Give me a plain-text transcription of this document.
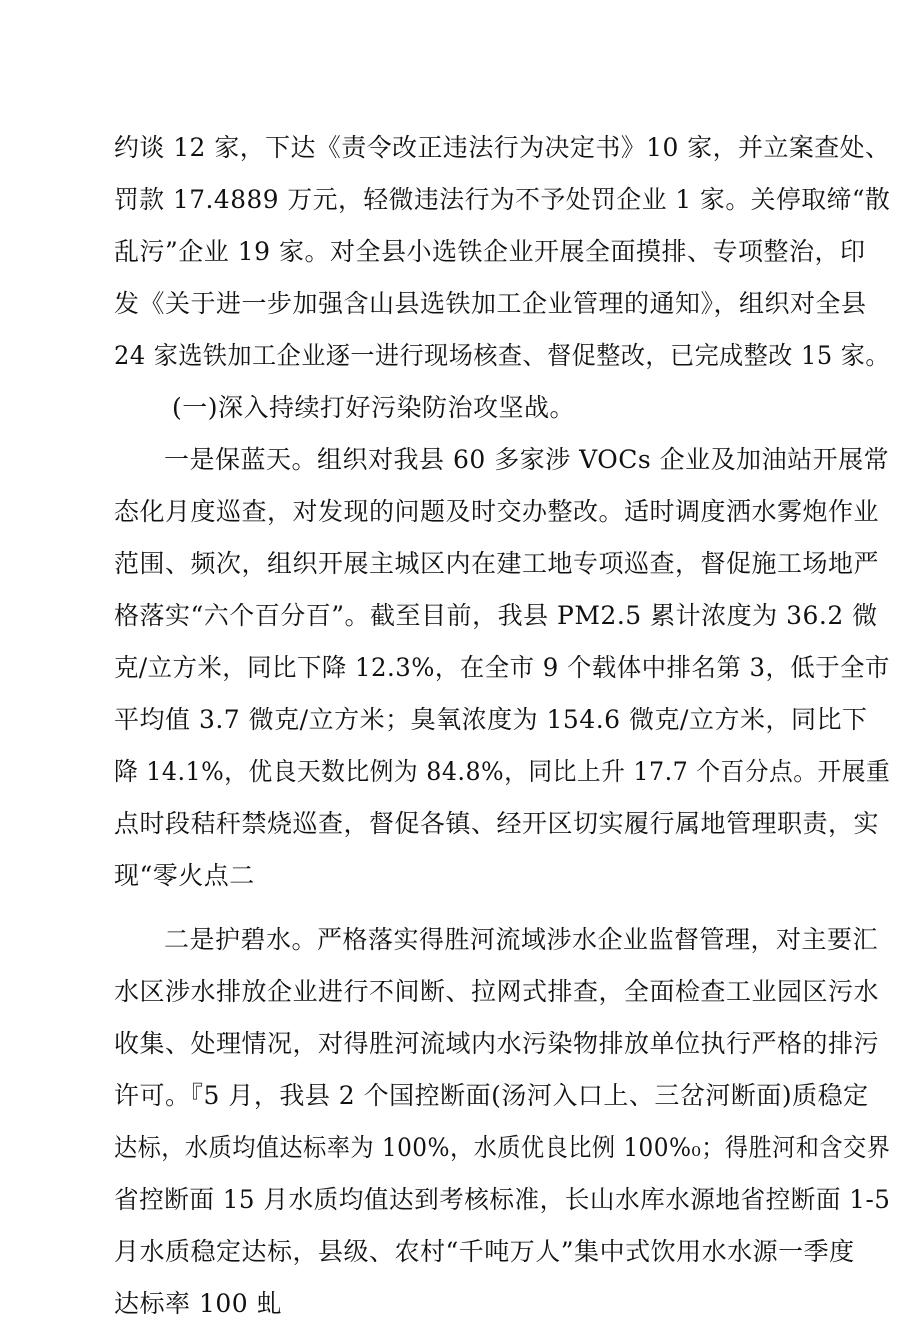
约谈 12 家，下达《责令改正违法行为决定书》10 家，并立案查处、
罚款 17.4889 万元，轻微违法行为不予处罚企业 1 家。关停取缔“散
乱污”企业 19 家。对全县小选铁企业开展全面摸排、专项整治，印
发《关于进一步加强含山县选铁加工企业管理的通知》，组织对全县
24 家选铁加工企业逐一进行现场核查、督促整改，已完成整改 15 家。
(一)深入持续打好污染防治攻坚战。
一是保蓝天。组织对我县 60 多家涉 VOCs 企业及加油站开展常
态化月度巡查，对发现的问题及时交办整改。适时调度洒水雾炮作业
范围、频次，组织开展主城区内在建工地专项巡查，督促施工场地严
格落实“六个百分百”。截至目前，我县 PM2.5 累计浓度为 36.2 微
克/立方米，同比下降 12.3%，在全市 9 个载体中排名第 3，低于全市
平均值 3.7 微克/立方米；臭氧浓度为 154.6 微克/立方米，同比下
降 14.1%，优良天数比例为 84.8%，同比上升 17.7 个百分点。开展重
点时段秸秆禁烧巡查，督促各镇、经开区切实履行属地管理职责，实
现“零火点二
二是护碧水。严格落实得胜河流域涉水企业监督管理，对主要汇
水区涉水排放企业进行不间断、拉网式排查，全面检查工业园区污水
收集、处理情况，对得胜河流域内水污染物排放单位执行严格的排污
许可。『5 月，我县 2 个国控断面(汤河入口上、三岔河断面)质稳定
达标，水质均值达标率为 100%，水质优良比例 100%₀；得胜河和含交界
省控断面 15 月水质均值达到考核标准，长山水库水源地省控断面 1-5
月水质稳定达标，县级、农村“千吨万人”集中式饮用水水源一季度
达标率 100 虬
